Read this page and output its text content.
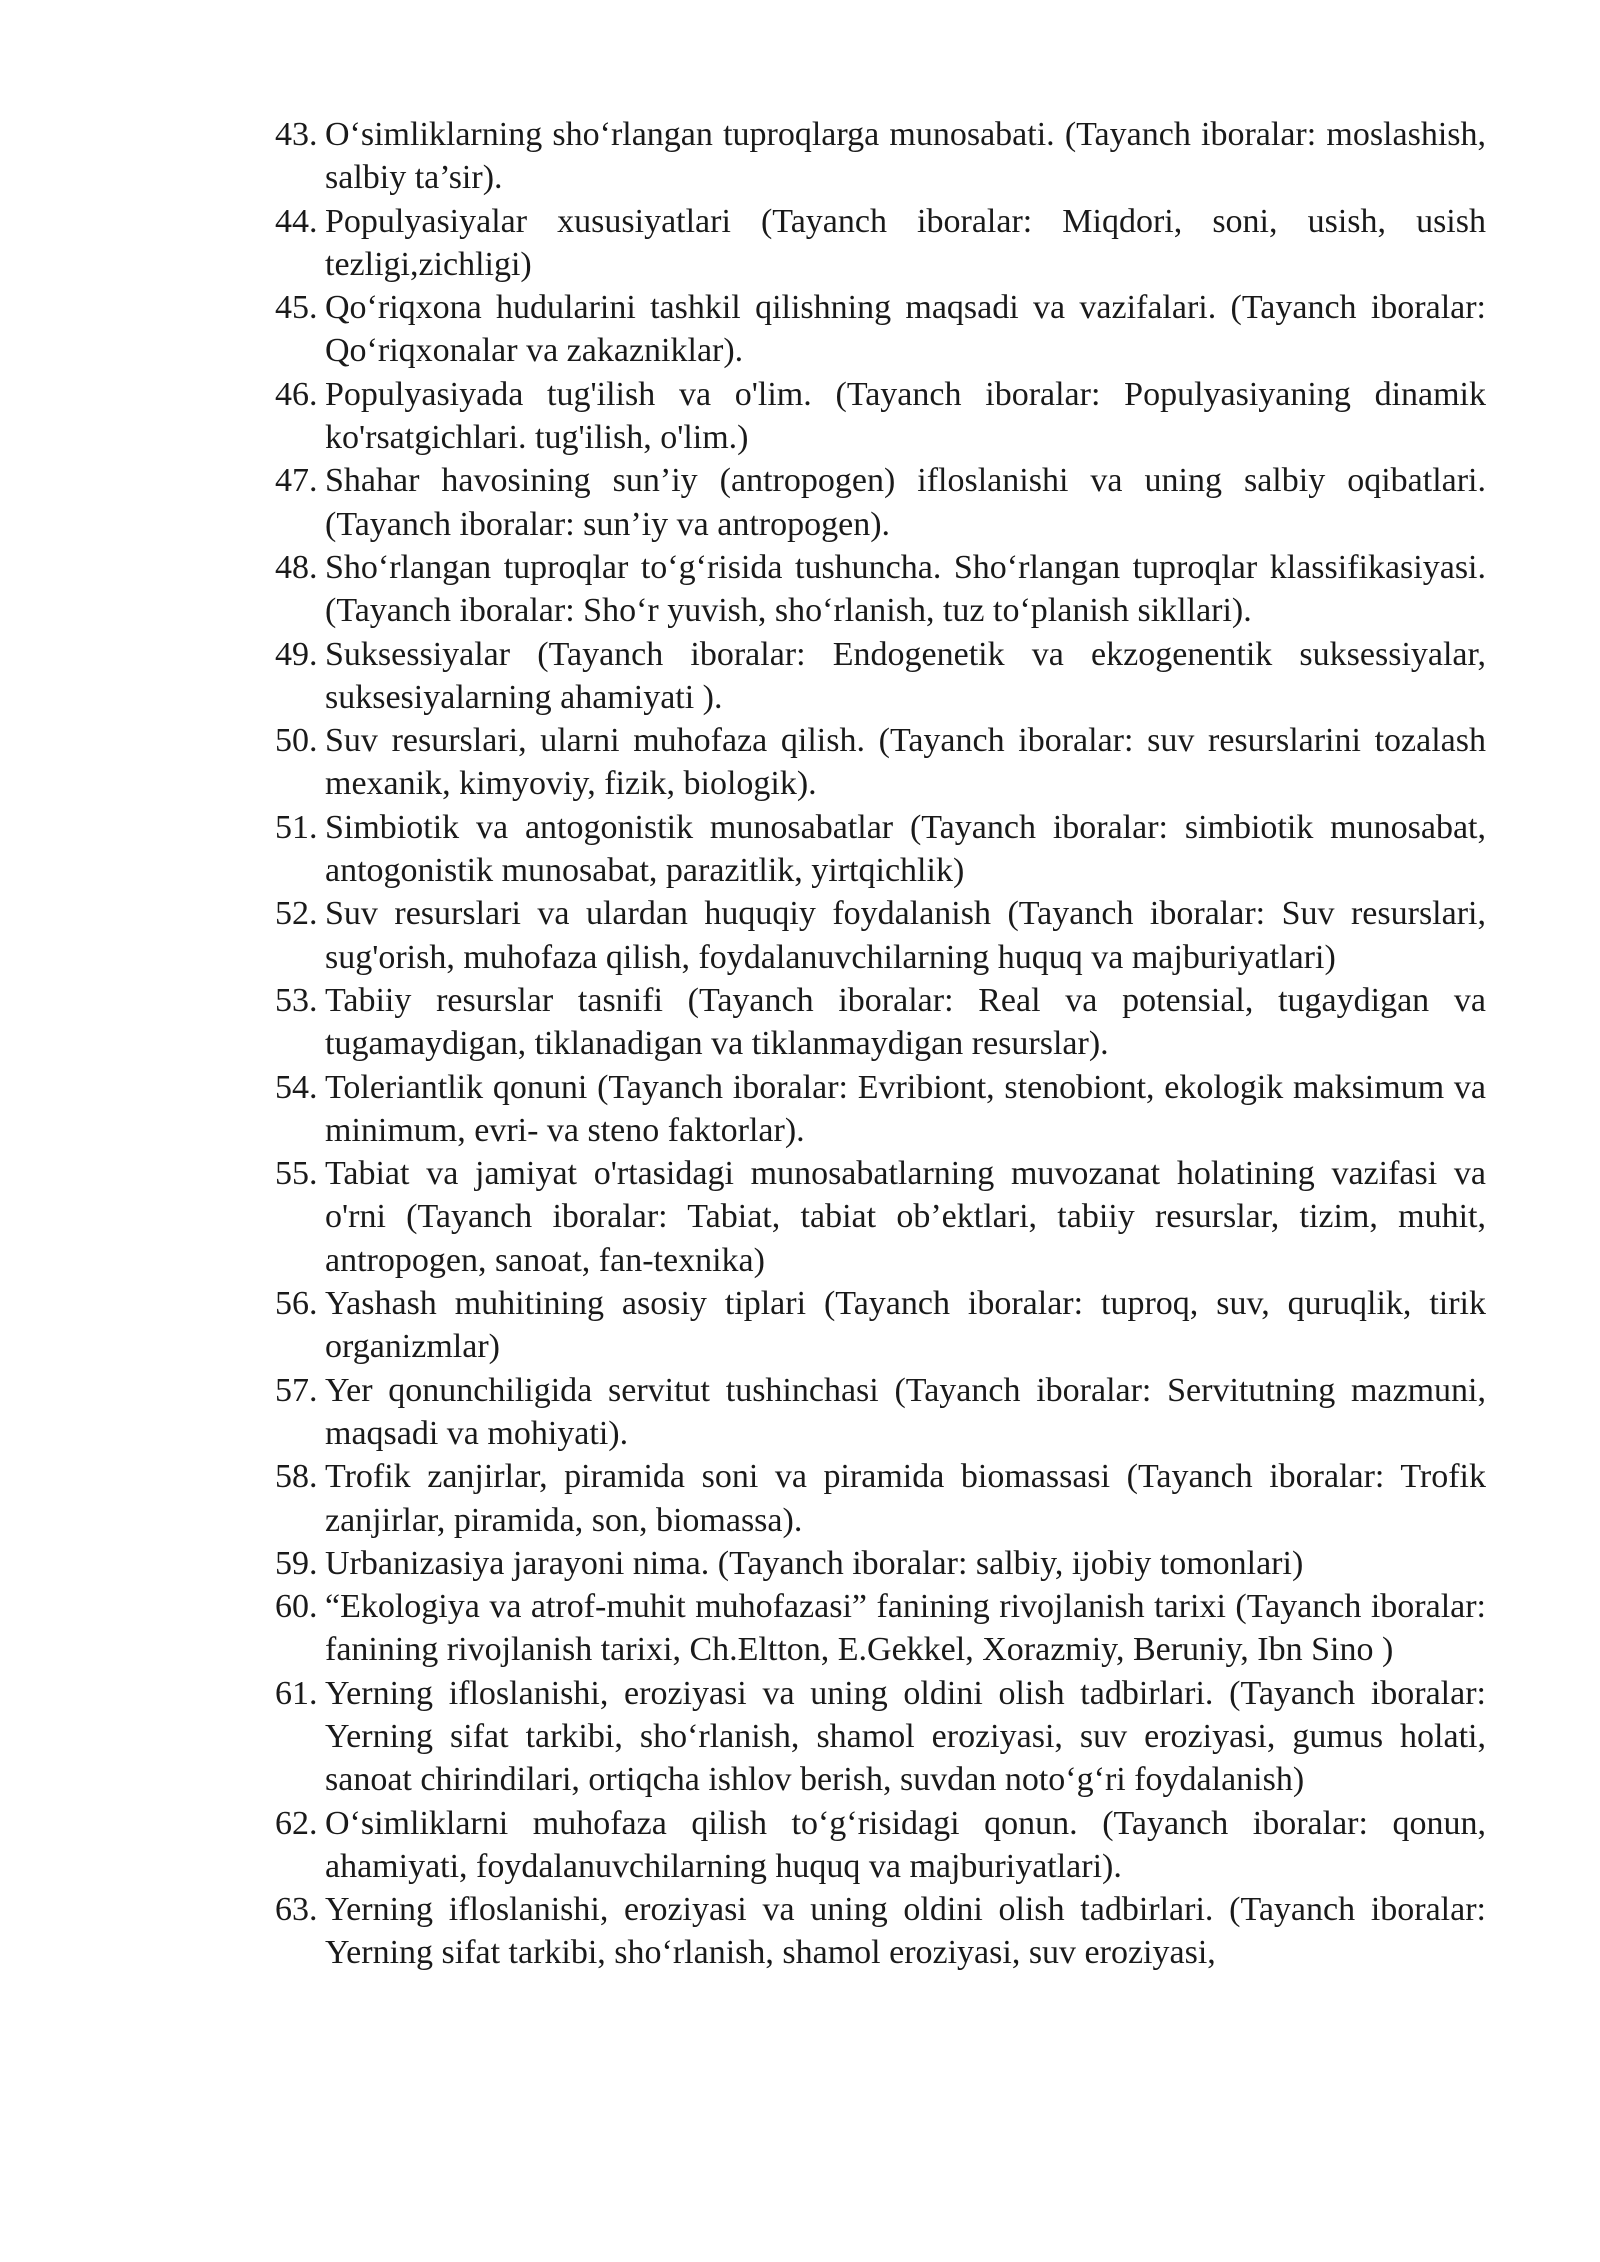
43. O‘simliklarning sho‘rlangan tuproqlarga munosabati. (Tayanch iboralar: moslashish, salbiy ta’sir).
44. Populyasiyalar xususiyatlari (Tayanch iboralar: Miqdori, soni, usish, usish tezligi,zichligi)
45. Qo‘riqxona hudularini tashkil qilishning maqsadi va vazifalari. (Tayanch iboralar: Qo‘riqxonalar va zakazniklar).
46. Populyasiyada tug'ilish va o'lim. (Tayanch iboralar: Populyasiyaning dinamik ko'rsatgichlari. tug'ilish, o'lim.)
47. Shahar havosining sun’iy (antropogen) ifloslanishi va uning salbiy oqibatlari. (Tayanch iboralar: sun’iy va antropogen).
48. Sho‘rlangan tuproqlar to‘g‘risida tushuncha. Sho‘rlangan tuproqlar klassifikasiyasi. (Tayanch iboralar: Sho‘r yuvish, sho‘rlanish, tuz to‘planish sikllari).
49. Suksessiyalar (Tayanch iboralar: Endogenetik va ekzogenentik suksessiyalar, suksesiyalarning ahamiyati ).
50. Suv resurslari, ularni muhofaza qilish. (Tayanch iboralar: suv resurslarini tozalash mexanik, kimyoviy, fizik, biologik).
51. Simbiotik va antogonistik munosabatlar (Tayanch iboralar: simbiotik munosabat, antogonistik munosabat, parazitlik, yirtqichlik)
52. Suv resurslari va ulardan huquqiy foydalanish (Tayanch iboralar: Suv resurslari, sug'orish, muhofaza qilish, foydalanuvchilarning huquq va majburiyatlari)
53. Tabiiy resurslar tasnifi (Tayanch iboralar: Real va potensial, tugaydigan va tugamaydigan, tiklanadigan va tiklanmaydigan resurslar).
54. Toleriantlik qonuni (Tayanch iboralar: Evribiont, stenobiont, ekologik maksimum va minimum, evri- va steno faktorlar).
55. Tabiat va jamiyat o'rtasidagi munosabatlarning muvozanat holatining vazifasi va o'rni (Tayanch iboralar: Tabiat, tabiat ob’ektlari, tabiiy resurslar, tizim, muhit, antropogen, sanoat, fan-texnika)
56. Yashash muhitining asosiy tiplari (Tayanch iboralar: tuproq, suv, quruqlik, tirik organizmlar)
57. Yer qonunchiligida servitut tushinchasi (Tayanch iboralar: Servitutning mazmuni, maqsadi va mohiyati).
58. Trofik zanjirlar, piramida soni va piramida biomassasi (Tayanch iboralar: Trofik zanjirlar, piramida, son, biomassa).
59. Urbanizasiya jarayoni nima. (Tayanch iboralar: salbiy, ijobiy tomonlari)
60. “Ekologiya va atrof-muhit muhofazasi” fanining rivojlanish tarixi (Tayanch iboralar: fanining rivojlanish tarixi, Ch.Eltton, E.Gekkel, Xorazmiy, Beruniy, Ibn Sino )
61. Yerning ifloslanishi, eroziyasi va uning oldini olish tadbirlari. (Tayanch iboralar: Yerning sifat tarkibi, sho‘rlanish, shamol eroziyasi, suv eroziyasi, gumus holati, sanoat chirindilari, ortiqcha ishlov berish, suvdan noto‘g‘ri foydalanish)
62. O‘simliklarni muhofaza qilish to‘g‘risidagi qonun. (Tayanch iboralar: qonun, ahamiyati, foydalanuvchilarning huquq va majburiyatlari).
63. Yerning ifloslanishi, eroziyasi va uning oldini olish tadbirlari. (Tayanch iboralar: Yerning sifat tarkibi, sho‘rlanish, shamol eroziyasi, suv eroziyasi,
